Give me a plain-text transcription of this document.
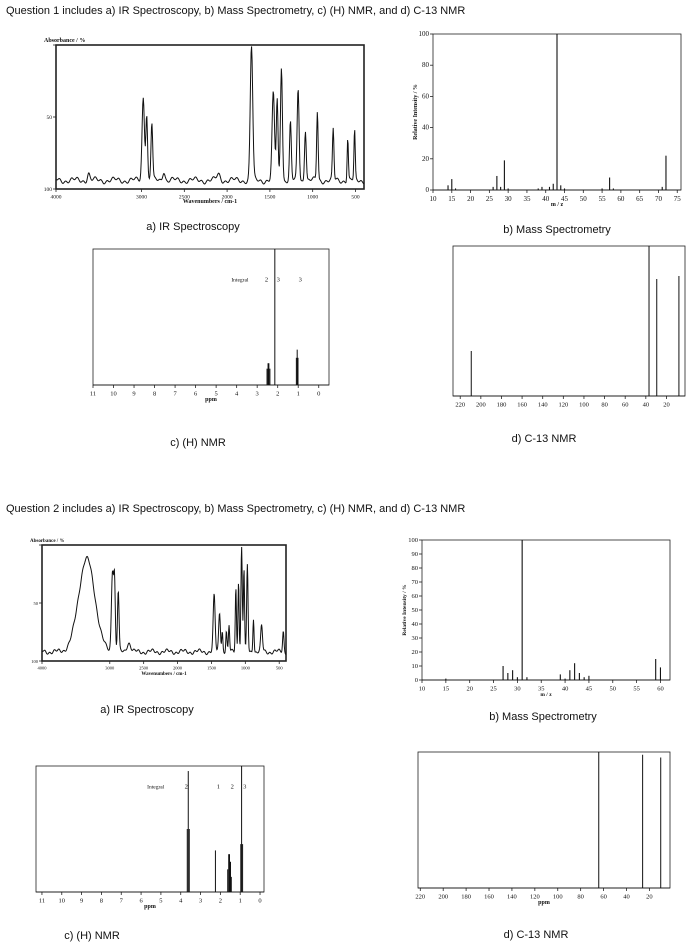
Question 1 includes a) IR Spectroscopy, b) Mass Spectrometry, c) (H) NMR, and d) C-13 NMR
50
100
4000	3000	2500	2000	1500	1000	500
Wavenumbers / cm-1
Absorbance / %
a) IR Spectroscopy
0
20
40
60
80
100
10 15 20 25 30 35 40 45 50 55 60 65 70 75
m / z
Relative Intensity / %
b) Mass Spectrometry
11 10 9	8	7	6	5	4	3	2	1	0
ppm
Integral	2 3	3
c) (H) NMR
220 200 180 160 140 120 100 80 60 40 20
d) C-13 NMR
Question 2 includes a) IR Spectroscopy, b) Mass Spectrometry, c) (H) NMR, and d) C-13 NMR
50
100
4000	3000	2500	2000	1500	1000	500
Wavenumbers / cm-1
Absorbance / %
a) IR Spectroscopy
0
10
20
30
40
50
60
70
80
90
100
10	15	20	25	30	35	40	45	50	55	60
m / z
Relative Intensity / %
b) Mass Spectrometry
11 10 9	8	7	6	5	4	3	2	1	0
ppm
Integral	2	1 2 3
c) (H) NMR
220 200 180 160 140 120 100 80	60	40	20
ppm
d) C-13 NMR
